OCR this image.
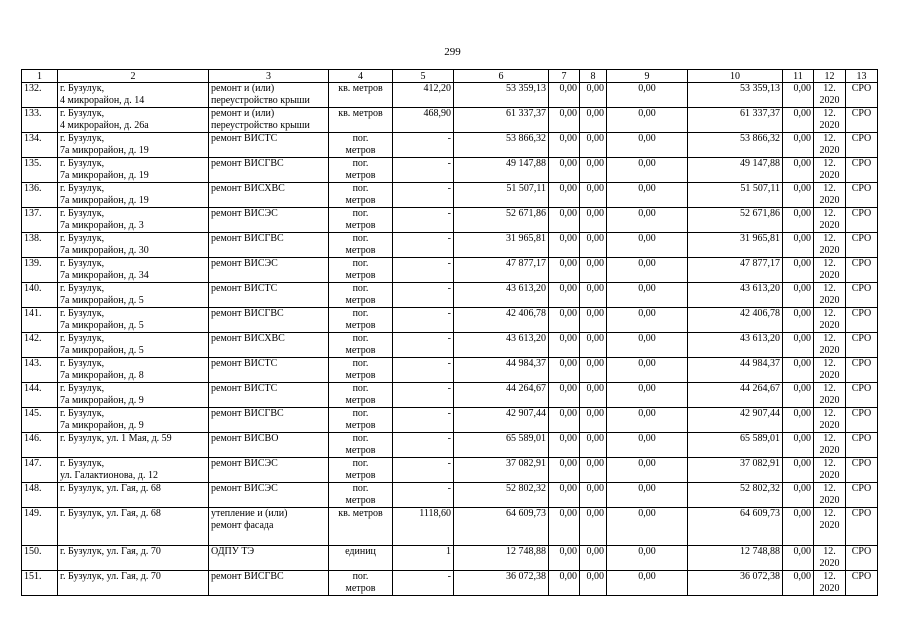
299
1	2	3	4	5	6	7	8	9	10	11	12	13

132.	г. Бузулук,
4 микрорайон, д. 14	ремонт и (или)
переустройство крыши	кв. метров	412,20	53 359,13	0,00	0,00	0,00	53 359,13	0,00	12.
2020	СРО

133.	г. Бузулук,
4 микрорайон, д. 26а	ремонт и (или)
переустройство крыши	кв. метров	468,90	61 337,37	0,00	0,00	0,00	61 337,37	0,00	12.
2020	СРО

134.	г. Бузулук,
7а микрорайон, д. 19	ремонт ВИСТС	пог.
метров	-	53 866,32	0,00	0,00	0,00	53 866,32	0,00	12.
2020	СРО

135.	г. Бузулук,
7а микрорайон, д. 19	ремонт ВИСГВС	пог.
метров	-	49 147,88	0,00	0,00	0,00	49 147,88	0,00	12.
2020	СРО

136.	г. Бузулук,
7а микрорайон, д. 19	ремонт ВИСХВС	пог.
метров	-	51 507,11	0,00	0,00	0,00	51 507,11	0,00	12.
2020	СРО

137.	г. Бузулук,
7а микрорайон, д. 3	ремонт ВИСЭС	пог.
метров	-	52 671,86	0,00	0,00	0,00	52 671,86	0,00	12.
2020	СРО

138.	г. Бузулук,
7а микрорайон, д. 30	ремонт ВИСГВС	пог.
метров	-	31 965,81	0,00	0,00	0,00	31 965,81	0,00	12.
2020	СРО

139.	г. Бузулук,
7а микрорайон, д. 34	ремонт ВИСЭС	пог.
метров	-	47 877,17	0,00	0,00	0,00	47 877,17	0,00	12.
2020	СРО

140.	г. Бузулук,
7а микрорайон, д. 5	ремонт ВИСТС	пог.
метров	-	43 613,20	0,00	0,00	0,00	43 613,20	0,00	12.
2020	СРО

141.	г. Бузулук,
7а микрорайон, д. 5	ремонт ВИСГВС	пог.
метров	-	42 406,78	0,00	0,00	0,00	42 406,78	0,00	12.
2020	СРО

142.	г. Бузулук,
7а микрорайон, д. 5	ремонт ВИСХВС	пог.
метров	-	43 613,20	0,00	0,00	0,00	43 613,20	0,00	12.
2020	СРО

143.	г. Бузулук,
7а микрорайон, д. 8	ремонт ВИСТС	пог.
метров	-	44 984,37	0,00	0,00	0,00	44 984,37	0,00	12.
2020	СРО

144.	г. Бузулук,
7а микрорайон, д. 9	ремонт ВИСТС	пог.
метров	-	44 264,67	0,00	0,00	0,00	44 264,67	0,00	12.
2020	СРО

145.	г. Бузулук,
7а микрорайон, д. 9	ремонт ВИСГВС	пог.
метров	-	42 907,44	0,00	0,00	0,00	42 907,44	0,00	12.
2020	СРО

146.	г. Бузулук, ул. 1 Мая, д. 59	ремонт ВИСВО	пог.
метров	-	65 589,01	0,00	0,00	0,00	65 589,01	0,00	12.
2020	СРО

147.	г. Бузулук,
ул. Галактионова, д. 12	ремонт ВИСЭС	пог.
метров	-	37 082,91	0,00	0,00	0,00	37 082,91	0,00	12.
2020	СРО

148.	г. Бузулук, ул. Гая, д. 68	ремонт ВИСЭС	пог.
метров	-	52 802,32	0,00	0,00	0,00	52 802,32	0,00	12.
2020	СРО

149.	г. Бузулук, ул. Гая, д. 68	утепление и (или)
ремонт фасада	кв. метров	1118,60	64 609,73	0,00	0,00	0,00	64 609,73	0,00	12.
2020	СРО

150.	г. Бузулук, ул. Гая, д. 70	ОДПУ ТЭ	единиц	1	12 748,88	0,00	0,00	0,00	12 748,88	0,00	12.
2020	СРО

151.	г. Бузулук, ул. Гая, д. 70	ремонт ВИСГВС	пог.
метров	-	36 072,38	0,00	0,00	0,00	36 072,38	0,00	12.
2020	СРО
